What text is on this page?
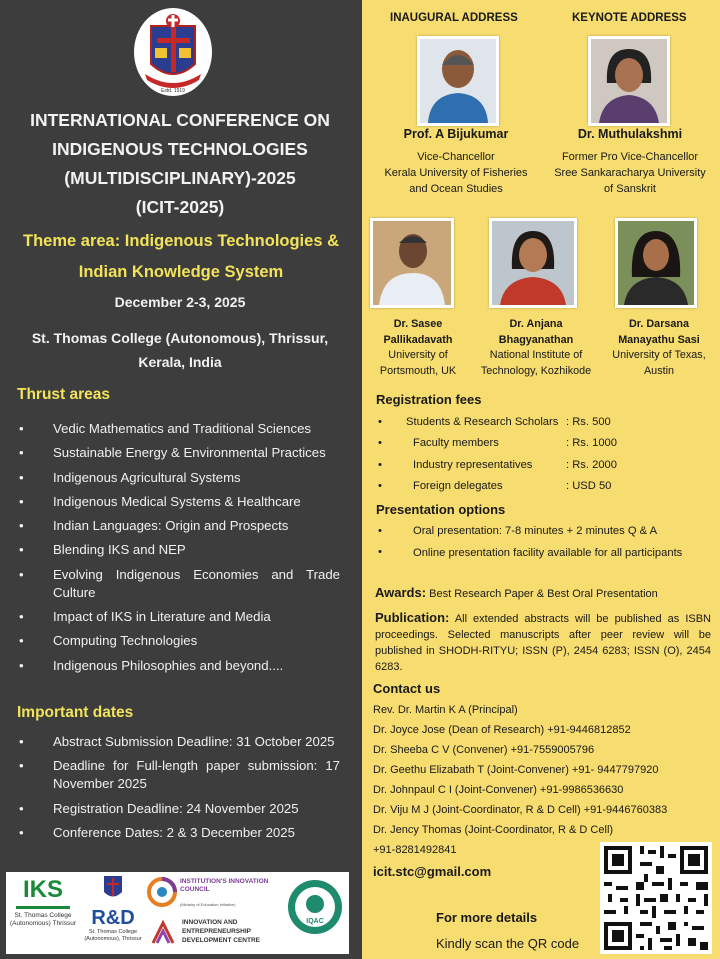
VERITAS VOS LIBERABIT
Estd. 1919
INTERNATIONAL CONFERENCE ON
INDIGENOUS TECHNOLOGIES
(MULTIDISCIPLINARY)-2025
(ICIT-2025)
Theme area: Indigenous Technologies &
Indian Knowledge System
December 2-3, 2025
St. Thomas College (Autonomous), Thrissur,
Kerala, India
Thrust areas
• Vedic Mathematics and Traditional Sciences
• Sustainable Energy & Environmental Practices
• Indigenous Agricultural Systems
• Indigenous Medical Systems & Healthcare
• Indian Languages: Origin and Prospects
• Blending IKS and NEP
• Evolving Indigenous Economies and Trade Culture
• Impact of IKS in Literature and Media
• Computing Technologies
• Indigenous Philosophies and beyond....
Important dates
• Abstract Submission Deadline: 31 October 2025
• Deadline for Full-length paper submission: 17 November 2025
• Registration Deadline: 24 November 2025
• Conference Dates: 2 & 3 December 2025
IKS
St. Thomas College (Autonomous) Thrissur R&D
St. Thomas College (Autonomous), Thrissur
INSTITUTION'S INNOVATION COUNCIL
(Ministry of Education Initiative)
INNOVATION AND ENTREPRENEURSHIP DEVELOPMENT CENTRE
IQAC
INAUGURAL ADDRESS	KEYNOTE ADDRESS
Prof. A Bijukumar
Vice-Chancellor
Kerala University of Fisheries
and Ocean Studies
Dr. Muthulakshmi
Former Pro Vice-Chancellor
Sree Sankaracharya University
of Sanskrit
Dr. Sasee
Pallikadavath
University of
Portsmouth, UK
Dr. Anjana
Bhagyanathan
National Institute of
Technology, Kozhikode
Dr. Darsana
Manayathu Sasi
University of Texas,
Austin
Registration fees
• Students & Research Scholars : Rs. 500
•	Faculty members	: Rs. 1000
•	Industry representatives	: Rs. 2000
•	Foreign delegates	: USD 50
Presentation options
•	Oral presentation: 7-8 minutes + 2 minutes Q & A
•	Online presentation facility available for all participants
Awards: Best Research Paper & Best Oral Presentation
Publication: All extended abstracts will be published as ISBN proceedings. Selected manuscripts after peer review will be published in SHODH-RITYU; ISSN (P), 2454 6283; ISSN (O), 2454 6283.
Contact us
Rev. Dr. Martin K A (Principal)
Dr. Joyce Jose (Dean of Research) +91-9446812852
Dr. Sheeba C V (Convener) +91-7559005796
Dr. Geethu Elizabath T (Joint-Convener) +91- 9447797920
Dr. Johnpaul C I (Joint-Convener) +91-9986536630
Dr. Viju M J (Joint-Coordinator, R & D Cell) +91-9446760383
Dr. Jency Thomas (Joint-Coordinator, R & D Cell)
+91-8281492841
icit.stc@gmail.com
For more details
Kindly scan the QR code
